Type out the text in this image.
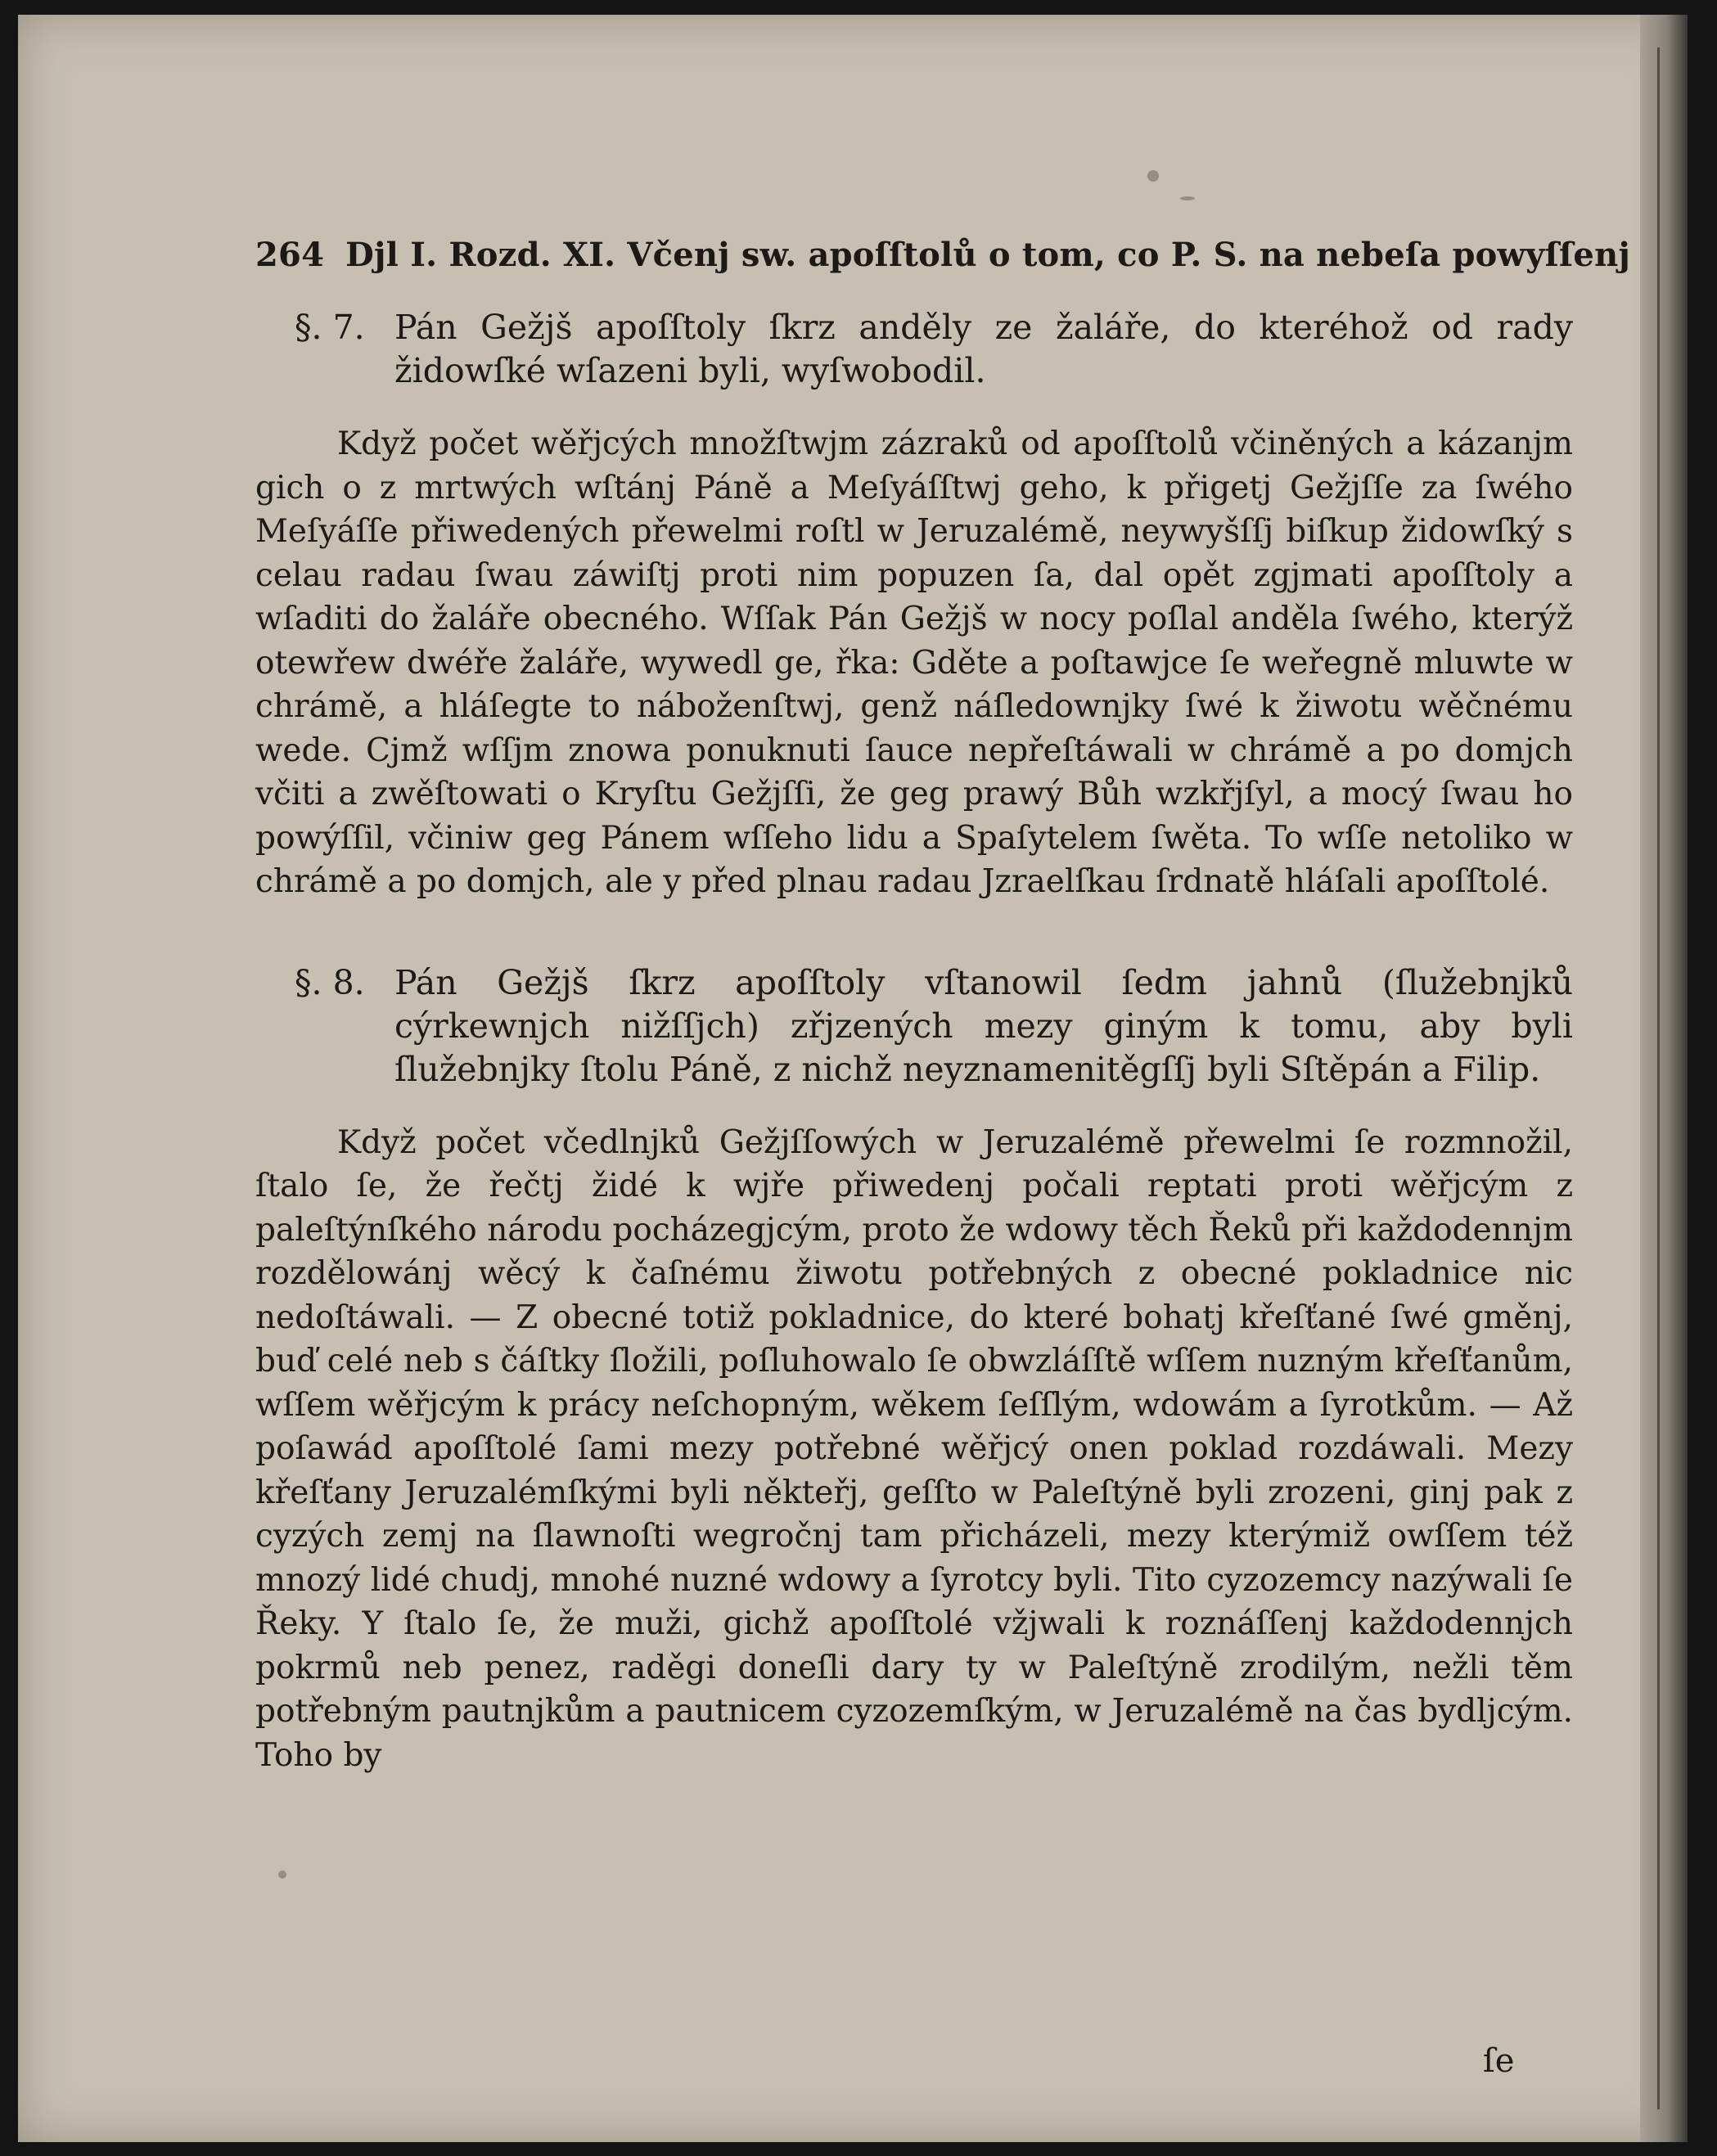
264 Djl I. Rozd. XI. Včenj sw. apoſſtolů o tom, co P. S. na nebeſa powyſſenj
§. 7. Pán Gežjš apoſſtoly ſkrz anděly ze žaláře, do kteréhož od rady židowſké wſazeni byli, wyſwobodil.

Když počet wěřjcých množſtwjm zázraků od apoſſtolů včiněných a kázanjm gich o z mrtwých wſtánj Páně a Meſyáſſtwj geho, k přigetj Gežjſſe za ſwého Meſyáſſe přiwedených přewelmi roſtl w Jeruzalémě, neywyšſſj biſkup židowſký s celau radau ſwau záwiſtj proti nim popuzen ſa, dal opět zgjmati apoſſtoly a wſaditi do žaláře obecného. Wſſak Pán Gežjš w nocy poſlal anděla ſwého, kterýž otewřew dwéře žaláře, wywedl ge, řka: Gděte a poſtawjce ſe weřegně mluwte w chrámě, a hláſegte to náboženſtwj, genž náſledownjky ſwé k žiwotu wěčnému wede. Cjmž wſſjm znowa ponuknuti ſauce nepřeſtáwali w chrámě a po domjch včiti a zwěſtowati o Kryſtu Gežjſſi, že geg prawý Bůh wzkřjſyl, a mocý ſwau ho powýſſil, včiniw geg Pánem wſſeho lidu a Spaſytelem ſwěta. To wſſe netoliko w chrámě a po domjch, ale y před plnau radau Jzraelſkau ſrdnatě hláſali apoſſtolé.

§. 8. Pán Gežjš ſkrz apoſſtoly vſtanowil ſedm jahnů (ſlužebnjků cýrkewnjch nižſſjch) zřjzených mezy giným k tomu, aby byli ſlužebnjky ſtolu Páně, z nichž neyznamenitěgſſj byli Sſtěpán a Filip.

Když počet včedlnjků Gežjſſowých w Jeruzalémě přewelmi ſe rozmnožil, ſtalo ſe, že řečtj židé k wjře přiwedenj počali reptati proti wěřjcým z paleſtýnſkého národu pocházegjcým, proto že wdowy těch Řeků při každodennjm rozdělowánj wěcý k čaſnému žiwotu potřebných z obecné pokladnice nic nedoſtáwali. — Z obecné totiž pokladnice, do které bohatj křeſťané ſwé gměnj, buď celé neb s čáſtky ſložili, poſluhowalo ſe obwzláſſtě wſſem nuzným křeſťanům, wſſem wěřjcým k prácy neſchopným, wěkem ſeſſlým, wdowám a ſyrotkům. — Až poſawád apoſſtolé ſami mezy potřebné wěřjcý onen poklad rozdáwali. Mezy křeſťany Jeruzalémſkými byli někteřj, geſſto w Paleſtýně byli zrozeni, ginj pak z cyzých zemj na ſlawnoſti wegročnj tam přicházeli, mezy kterýmiž owſſem též mnozý lidé chudj, mnohé nuzné wdowy a ſyrotcy byli. Tito cyzozemcy nazýwali ſe Řeky. Y ſtalo ſe, že muži, gichž apoſſtolé vžjwali k roznáſſenj každodennjch pokrmů neb penez, raděgi doneſli dary ty w Paleſtýně zrodilým, nežli těm potřebným pautnjkům a pautnicem cyzozemſkým, w Jeruzalémě na čas bydljcým. Toho by

ſe
